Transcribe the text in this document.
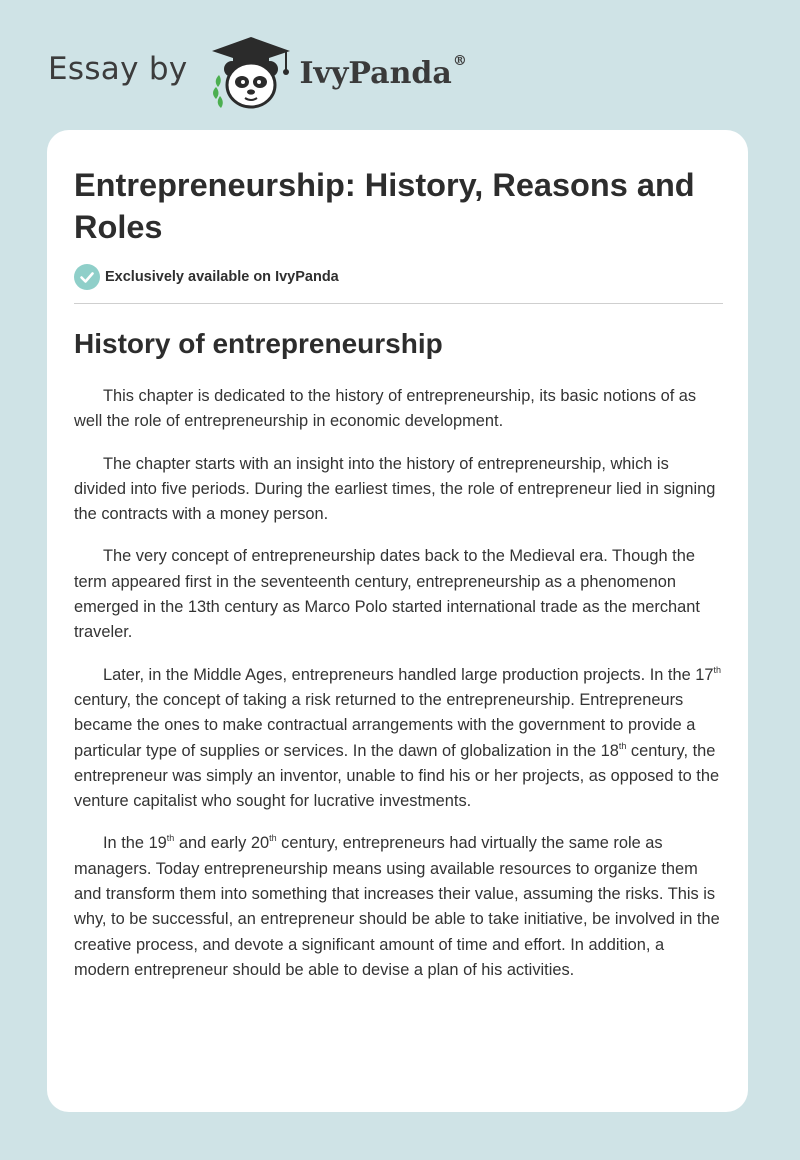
Essay by	IvyPanda®
Entrepreneurship: History, Reasons and Roles
Exclusively available on IvyPanda
History of entrepreneurship

This chapter is dedicated to the history of entrepreneurship, its basic notions of as well the role of entrepreneurship in economic development.

The chapter starts with an insight into the history of entrepreneurship, which is divided into five periods. During the earliest times, the role of entrepreneur lied in signing the contracts with a money person.

The very concept of entrepreneurship dates back to the Medieval era. Though the term appeared first in the seventeenth century, entrepreneurship as a phenomenon emerged in the 13th century as Marco Polo started international trade as the merchant traveler.

Later, in the Middle Ages, entrepreneurs handled large production projects. In the 17th century, the concept of taking a risk returned to the entrepreneurship. Entrepreneurs became the ones to make contractual arrangements with the government to provide a particular type of supplies or services. In the dawn of globalization in the 18th century, the entrepreneur was simply an inventor, unable to find his or her projects, as opposed to the venture capitalist who sought for lucrative investments.

In the 19th and early 20th century, entrepreneurs had virtually the same role as managers. Today entrepreneurship means using available resources to organize them and transform them into something that increases their value, assuming the risks. This is why, to be successful, an entrepreneur should be able to take initiative, be involved in the creative process, and devote a significant amount of time and effort. In addition, a modern entrepreneur should be able to devise a plan of his activities.
